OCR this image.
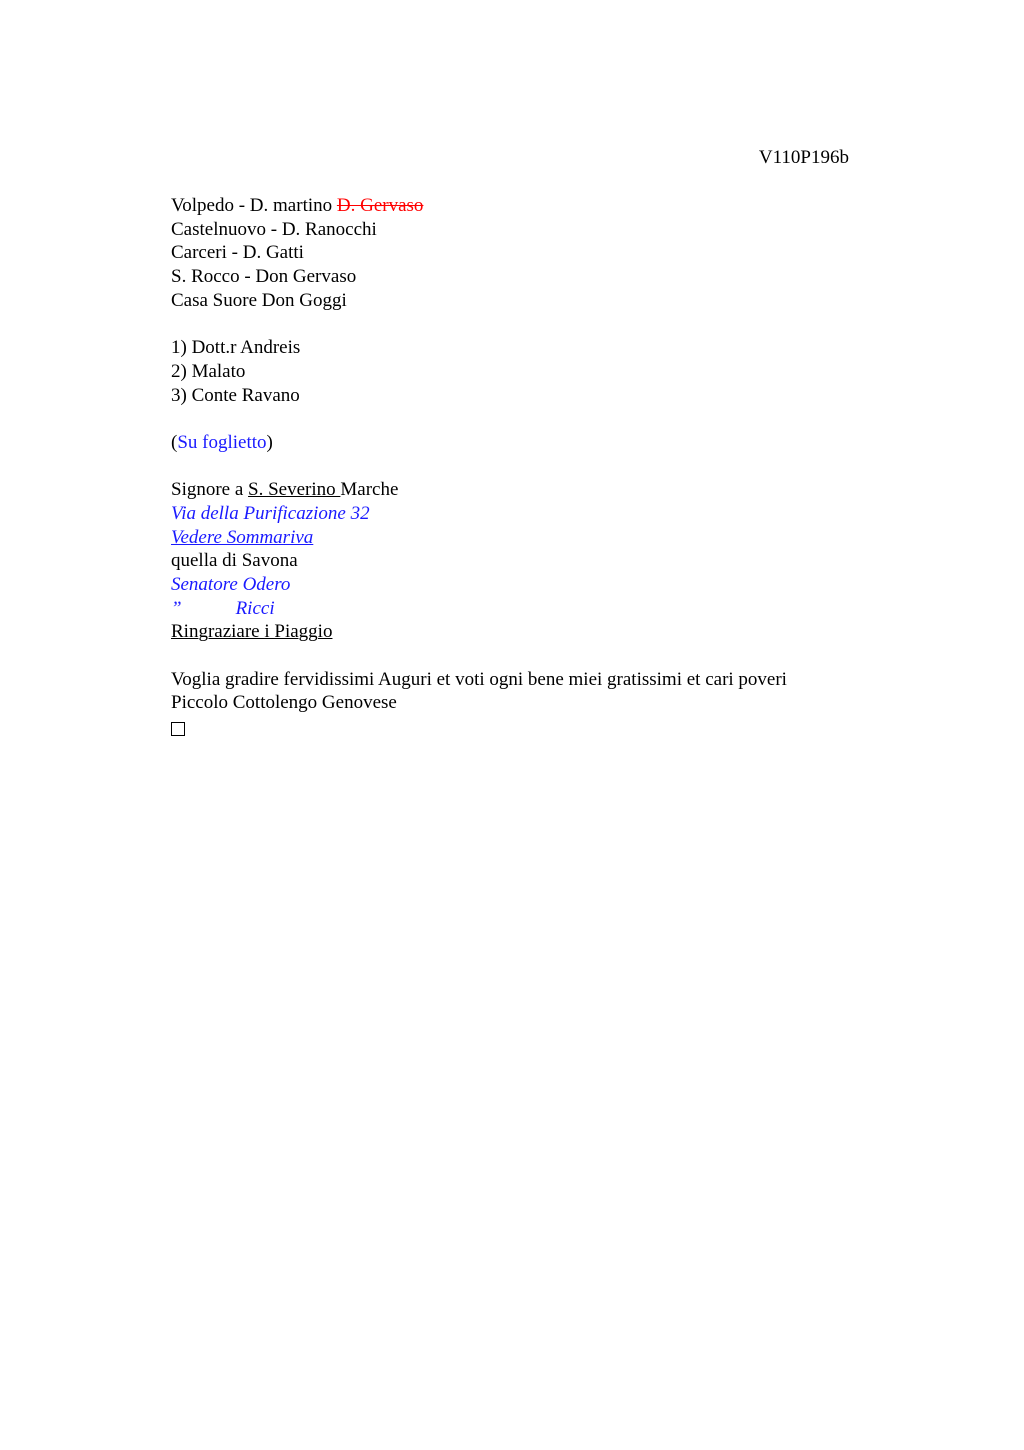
V110P196b
Volpedo - D. martino D. Gervaso
Castelnuovo - D. Ranocchi
Carceri - D. Gatti
S. Rocco - Don Gervaso
Casa Suore Don Goggi
1) Dott.r Andreis
2) Malato
3) Conte Ravano
(Su foglietto)
Signore a S. Severino Marche
Via della Purificazione 32
Vedere Sommariva
quella di Savona
Senatore Odero
”	Ricci
Ringraziare i Piaggio
Voglia gradire fervidissimi Auguri et voti ogni bene miei gratissimi et cari poveri
Piccolo Cottolengo Genovese
